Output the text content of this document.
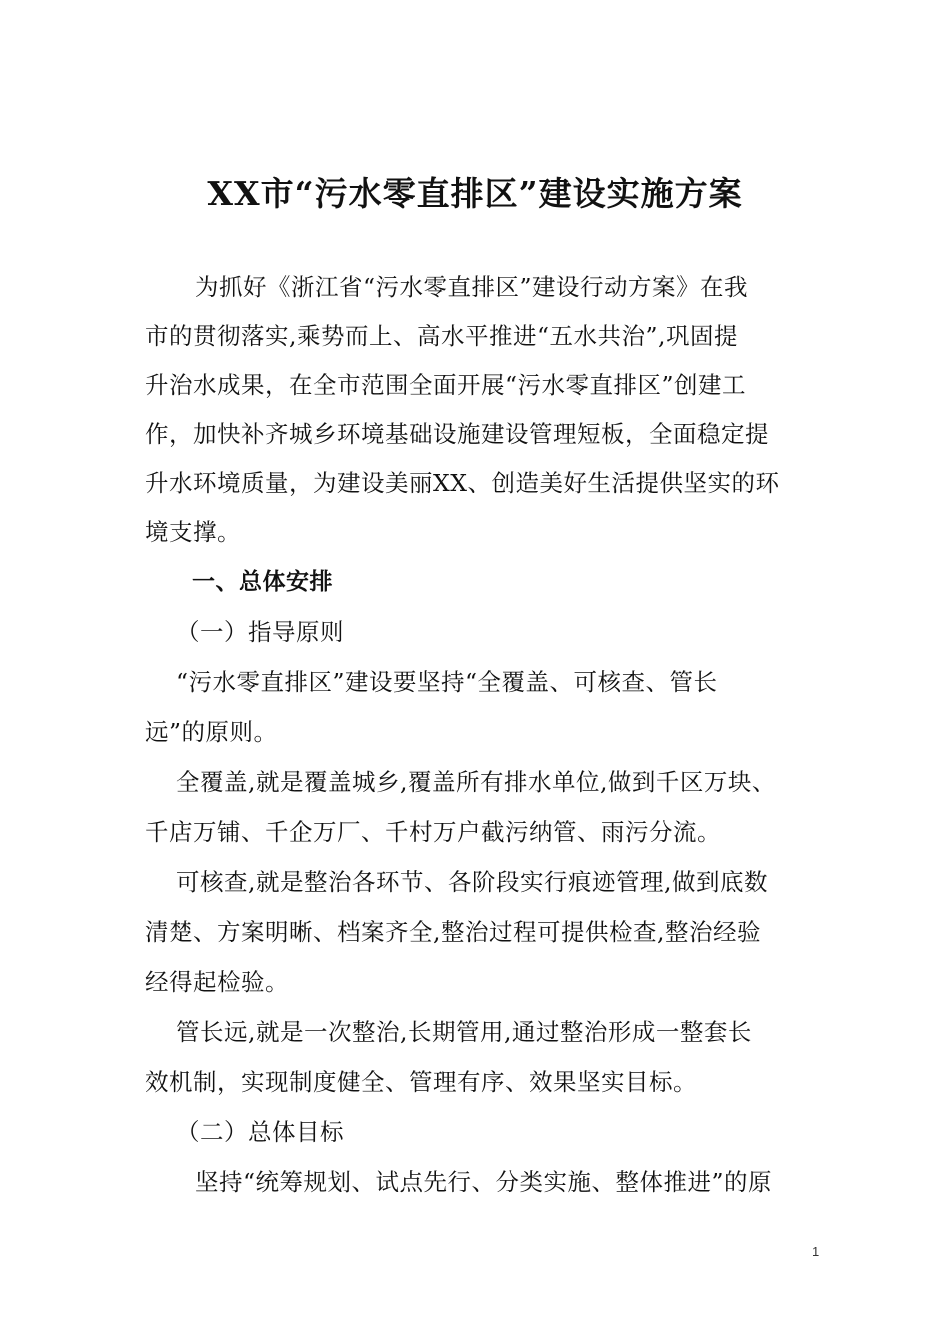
XX市“污水零直排区”建设实施方案
为抓好《浙江省“污水零直排区”建设行动方案》在我
市的贯彻落实,乘势而上、高水平推进“五水共治”,巩固提
升治水成果，在全市范围全面开展“污水零直排区”创建工
作，加快补齐城乡环境基础设施建设管理短板，全面稳定提
升水环境质量，为建设美丽XX、创造美好生活提供坚实的环
境支撑。
一、总体安排
（一）指导原则
“污水零直排区”建设要坚持“全覆盖、可核查、管长
远”的原则。
全覆盖,就是覆盖城乡,覆盖所有排水单位,做到千区万块、
千店万铺、千企万厂、千村万户截污纳管、雨污分流。
可核查,就是整治各环节、各阶段实行痕迹管理,做到底数
清楚、方案明晰、档案齐全,整治过程可提供检查,整治经验
经得起检验。
管长远,就是一次整治,长期管用,通过整治形成一整套长
效机制，实现制度健全、管理有序、效果坚实目标。
（二）总体目标
坚持“统筹规划、试点先行、分类实施、整体推进”的原
1
